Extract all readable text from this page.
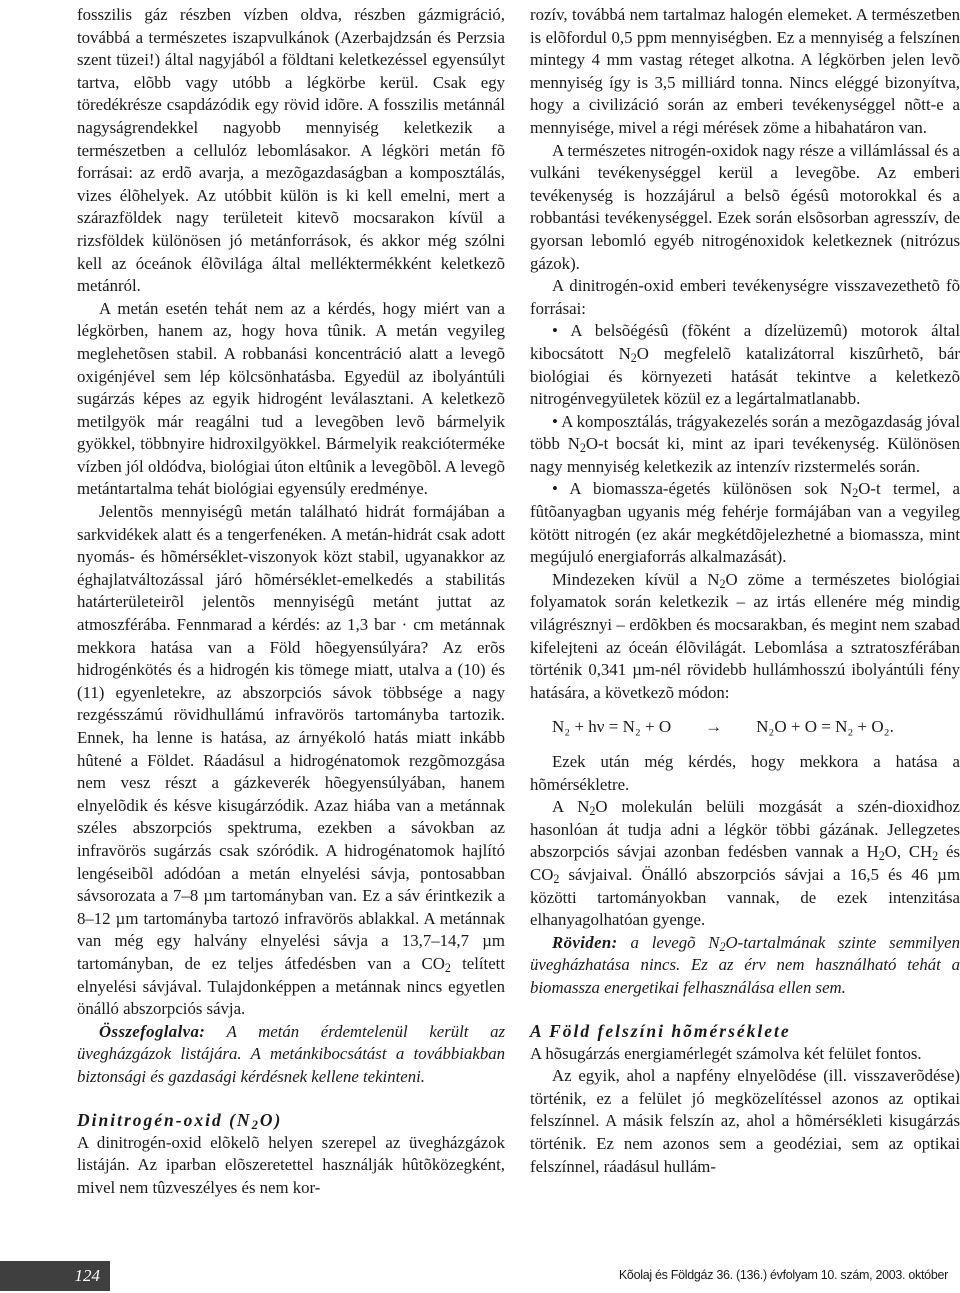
fosszilis gáz részben vízben oldva, részben gázmigráció, továbbá a természetes iszapvulkánok (Azerbajdzsán és Perzsia szent tüzei!) által nagyjából a földtani keletkezéssel egyensúlyt tartva, elõbb vagy utóbb a légkörbe kerül. Csak egy töredékrésze csapdázódik egy rövid idõre. A fosszilis metánnál nagyságrendekkel nagyobb mennyiség keletkezik a természetben a cellulóz lebomlásakor. A légköri metán fõ forrásai: az erdõ avarja, a mezõgazdaságban a komposztálás, vizes élõhelyek. Az utóbbit külön is ki kell emelni, mert a szárazföldek nagy területeit kitevõ mocsarakon kívül a rizsföldek különösen jó metánforrások, és akkor még szólni kell az óceánok élõvilága által melléktermékként keletkezõ metánról.

A metán esetén tehát nem az a kérdés, hogy miért van a légkörben, hanem az, hogy hova tûnik. A metán vegyileg meglehetõsen stabil. A robbanási koncentráció alatt a levegõ oxigénjével sem lép kölcsönhatásba. Egyedül az ibolyántúli sugárzás képes az egyik hidrogént leválasztani. A keletkezõ metilgyök már reagálni tud a levegõben levõ bármelyik gyökkel, többnyire hidroxilgyökkel. Bármelyik reakcióterméke vízben jól oldódva, biológiai úton eltûnik a levegõbõl. A levegõ metántartalma tehát biológiai egyensúly eredménye.

Jelentõs mennyiségû metán található hidrát formájában a sarkvidékek alatt és a tengerfenéken. A metán-hidrát csak adott nyomás- és hõmérséklet-viszonyok közt stabil, ugyanakkor az éghajlatváltozással járó hõmérséklet-emelkedés a stabilitás határterületeirõl jelentõs mennyiségû metánt juttat az atmoszférába. Fennmarad a kérdés: az 1,3 bar · cm metánnak mekkora hatása van a Föld hõegyensúlyára? Az erõs hidrogénkötés és a hidrogén kis tömege miatt, utalva a (10) és (11) egyenletekre, az abszorpciós sávok többsége a nagy rezgésszámú rövidhullámú infravörös tartományba tartozik. Ennek, ha lenne is hatása, az árnyékoló hatás miatt inkább hûtené a Földet. Ráadásul a hidrogénatomok rezgõmozgása nem vesz részt a gázkeverék hõegyensúlyában, hanem elnyelõdik és késve kisugárzódik. Azaz hiába van a metánnak széles abszorpciós spektruma, ezekben a sávokban az infravörös sugárzás csak szóródik. A hidrogénatomok hajlító lengéseibõl adódóan a metán elnyelési sávja, pontosabban sávsorozata a 7–8 µm tartományban van. Ez a sáv érintkezik a 8–12 µm tartományba tartozó infravörös ablakkal. A metánnak van még egy halvány elnyelési sávja a 13,7–14,7 µm tartományban, de ez teljes átfedésben van a $CO_2$ telített elnyelési sávjával. Tulajdonképpen a metánnak nincs egyetlen önálló abszorpciós sávja.

Összefoglalva: A metán érdemtelenül került az üvegházgázok listájára. A metánkibocsátást a továbbiakban biztonsági és gazdasági kérdésnek kellene tekinteni.

Dinitrogén-oxid $(N_2O)$

A dinitrogén-oxid elõkelõ helyen szerepel az üvegházgázok listáján. Az iparban elõszeretettel használják hûtõközegként, mivel nem tûzveszélyes és nem kor-

rozív, továbbá nem tartalmaz halogén elemeket. A természetben is elõfordul 0,5 ppm mennyiségben. Ez a mennyiség a felszínen mintegy 4 mm vastag réteget alkotna. A légkörben jelen levõ mennyiség így is 3,5 milliárd tonna. Nincs eléggé bizonyítva, hogy a civilizáció során az emberi tevékenységgel nõtt-e a mennyisége, mivel a régi mérések zöme a hibahatáron van.

A természetes nitrogén-oxidok nagy része a villámlással és a vulkáni tevékenységgel kerül a levegõbe. Az emberi tevékenység is hozzájárul a belsõ égésû motorokkal és a robbantási tevékenységgel. Ezek során elsõsorban agresszív, de gyorsan lebomló egyéb nitrogénoxidok keletkeznek (nitrózus gázok).

A dinitrogén-oxid emberi tevékenységre visszavezethetõ fõ forrásai:

• A belsõégésû (fõként a dízelüzemû) motorok által kibocsátott $N_2O$ megfelelõ katalizátorral kiszûrhetõ, bár biológiai és környezeti hatását tekintve a keletkezõ nitrogénvegyületek közül ez a legártalmatlanabb.

• A komposztálás, trágyakezelés során a mezõgazdaság jóval több $N_2O-t$ bocsát ki, mint az ipari tevékenység. Különösen nagy mennyiség keletkezik az intenzív rizstermelés során.

• A biomassza-égetés különösen sok $N_2O-t$ termel, a fûtõanyagban ugyanis még fehérje formájában van a vegyileg kötött nitrogén (ez akár megkétdõjelezhetné a biomassza, mint megújuló energiaforrás alkalmazását).

Mindezeken kívül a $N_2O$ zöme a természetes biológiai folyamatok során keletkezik – az irtás ellenére még mindig világrésznyi – erdõkben és mocsarakban, és megint nem szabad kifelejteni az óceán élõvilágát. Lebomlása a sztratoszférában történik 0,341 µm-nél rövidebb hullámhosszú ibolyántúli fény hatására, a következõ módon:

N₂ + hν = N₂ + O → N₂O + O = N₂ + O₂.

Ezek után még kérdés, hogy mekkora a hatása a hõmérsékletre.

A $N_2O$ molekulán belüli mozgását a szén-dioxidhoz hasonlóan át tudja adni a légkör többi gázának. Jellegzetes abszorpciós sávjai azonban fedésben vannak a $H_2O$, $CH_2$ és $CO_2$ sávjaival. Önálló abszorpciós sávjai a 16,5 és 46 µm közötti tartományokban vannak, de ezek intenzitása elhanyagolhatóan gyenge.

Röviden: a levegõ $N_2O$-tartalmának szinte semmilyen üvegházhatása nincs. Ez az érv nem használható tehát a biomassza energetikai felhasználása ellen sem.

A Föld felszíni hõmérséklete

A hõsugárzás energiamérlegét számolva két felület fontos.

Az egyik, ahol a napfény elnyelõdése (ill. visszaverõdése) történik, ez a felület jó megközelítéssel azonos az optikai felszínnel. A másik felszín az, ahol a hõmérsékleti kisugárzás történik. Ez nem azonos sem a geodéziai, sem az optikai felszínnel, ráadásul hullám-

124	Kõolaj és Földgáz 36. (136.) évfolyam 10. szám, 2003. október
